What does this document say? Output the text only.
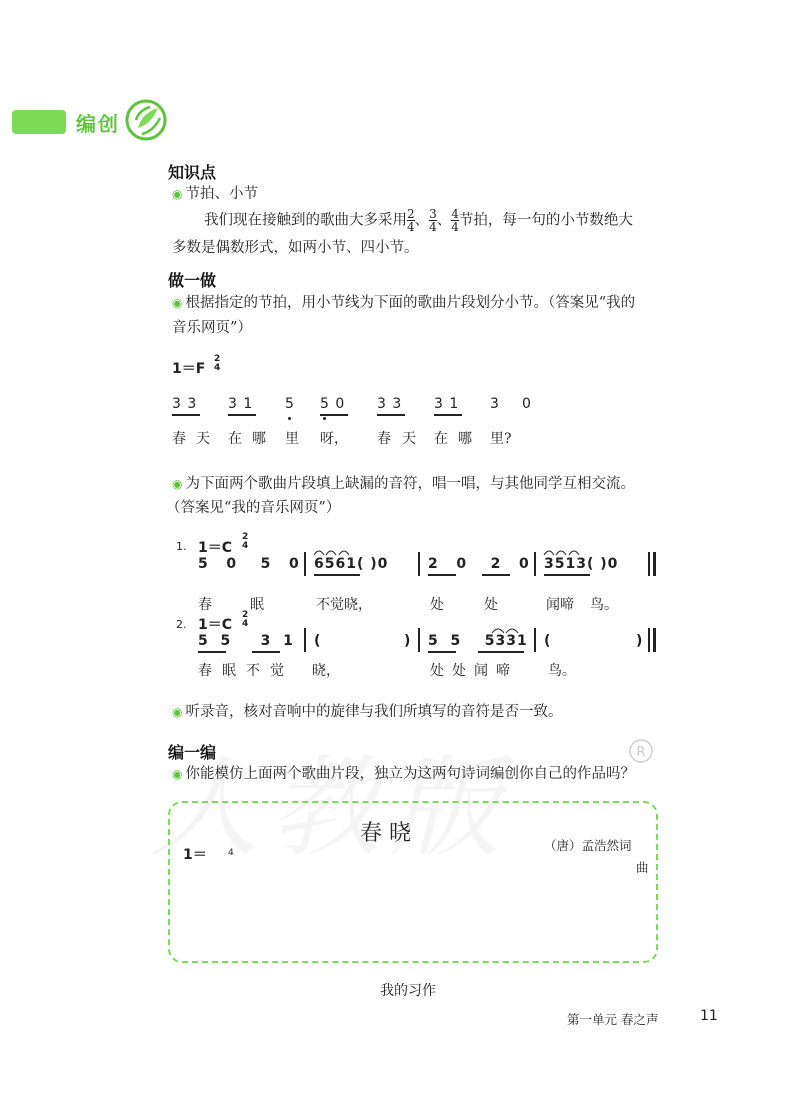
编创
知识点
◉ 节拍、小节
我们现在接触到的歌曲大多采用 $\frac{2}{4}$ 、 $\frac{3}{4}$ 、 $\frac{4}{4}$ 节拍，每一句的小节数绝大
多数是偶数形式，如两小节、四小节。
做一做
◉ 根据指定的节拍，用小节线为下面的歌曲片段划分小节。（答案见“我的
音乐网页”）
1＝F
2
4
3 3 3 1 5 5 0 3 3 3 1 3 0
春 天 在 哪 里 呀， 春 天 在 哪 里?
◉ 为下面两个歌曲片段填上缺漏的音符，唱一唱，与其他同学互相交流。
（答案见“我的音乐网页”）
1. 1＝C
2
4
5 0 5 0 6561( )0	2 0 2 0 3513( )0
春	眠	不觉晓，	处	处	闻啼 鸟。
2. 1＝C
2
4
5 5 3 1 (	) 5 5 5331 (	)
春眠不觉 晓，	处处闻啼 鸟。
◉ 听录音，核对音响中的旋律与我们所填写的音符是否一致。
编一编
◉ 你能模仿上面两个歌曲片段，独立为这两句诗词编创你自己的作品吗？
R
春 晓
1＝ 4	（唐）孟浩然词
曲
我的习作
第一单元 春之声	11
